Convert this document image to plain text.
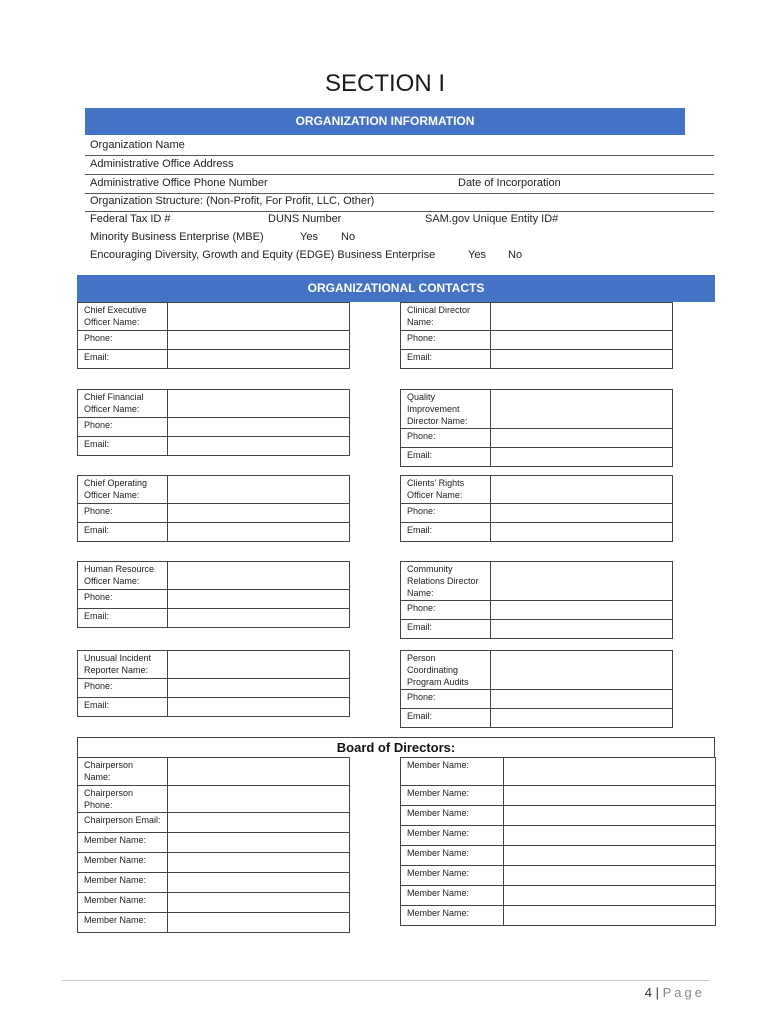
SECTION I
ORGANIZATION INFORMATION
Organization Name
Administrative Office Address
Administrative Office Phone Number	Date of Incorporation
Organization Structure: (Non-Profit, For Profit, LLC, Other)
Federal Tax ID #	DUNS Number	SAM.gov Unique Entity ID#
Minority Business Enterprise (MBE)	Yes No
Encouraging Diversity, Growth and Equity (EDGE) Business Enterprise	Yes No
ORGANIZATIONAL CONTACTS
Chief Executive Officer Name:	
Phone:	
Email:	
Clinical Director Name:	
Phone:	
Email:	
Chief Financial Officer Name:	
Phone:	
Email:	
Quality Improvement Director Name:	
Phone:	
Email:	
Chief Operating Officer Name:	
Phone:	
Email:	
Clients’ Rights Officer Name:	
Phone:	
Email:	
Human Resource Officer Name:	
Phone:	
Email:	
Community Relations Director Name:	
Phone:	
Email:	
Unusual Incident Reporter Name:	
Phone:	
Email:	
Person Coordinating Program Audits	
Phone:	
Email:	
Board of Directors:
Chairperson Name:	
Chairperson Phone:	
Chairperson Email:	
Member Name:	
Member Name:	
Member Name:	
Member Name:	
Member Name:	
Member Name:	
Member Name:	
Member Name:	
Member Name:	
Member Name:	
Member Name:	
Member Name:	
Member Name:	
4 | Page
